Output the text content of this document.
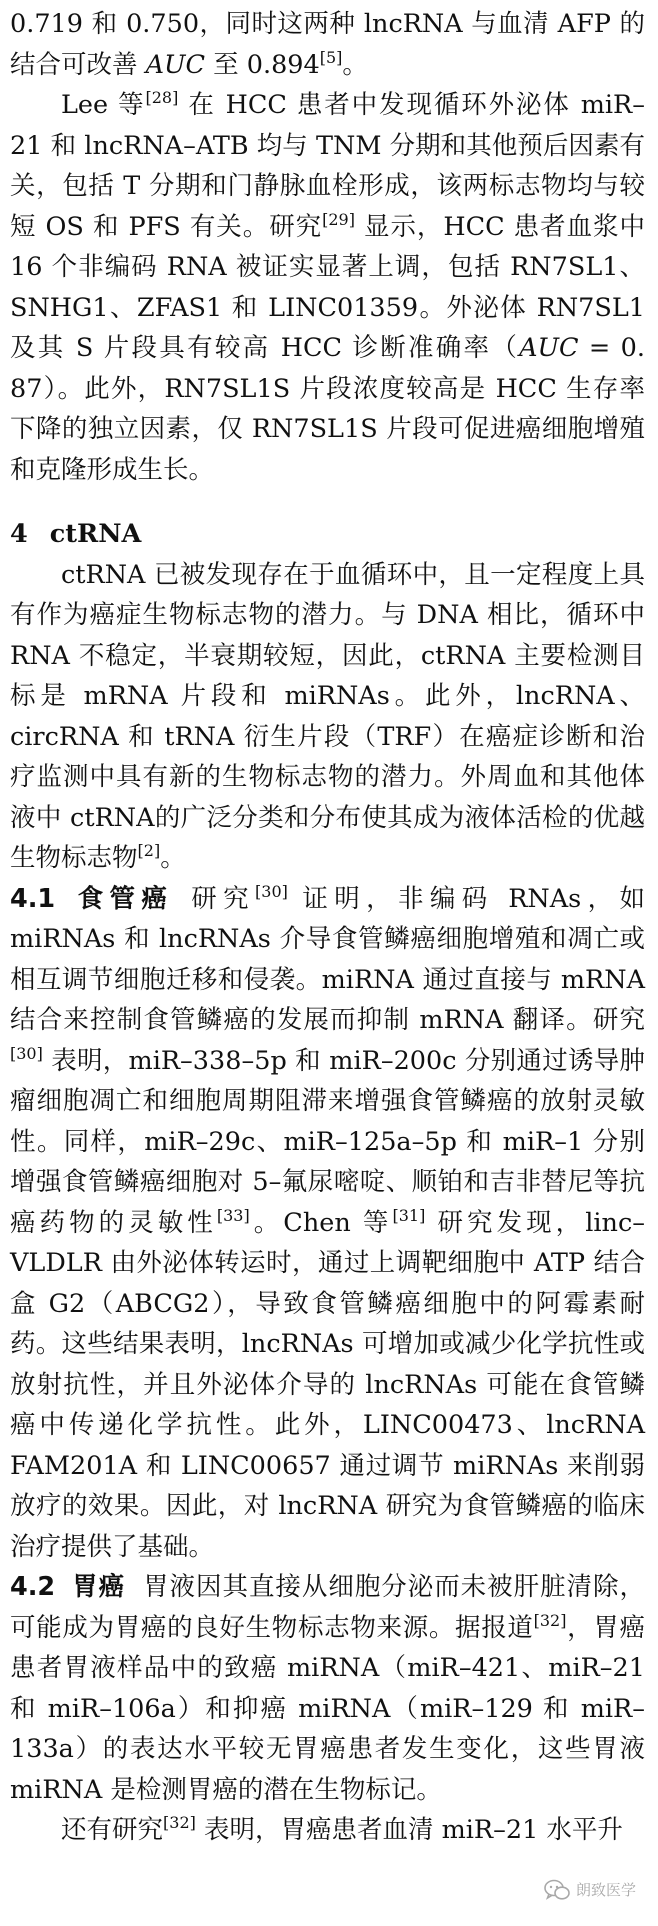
0.719 和 0.750，同时这两种 lncRNA 与血清 AFP 的结合可改善 AUC 至 0.894[5]。

Lee 等[28] 在 HCC 患者中发现循环外泌体 miR–21 和 lncRNA–ATB 均与 TNM 分期和其他预后因素有关，包括 T 分期和门静脉血栓形成，该两标志物均与较短 OS 和 PFS 有关。研究[29] 显示，HCC 患者血浆中 16 个非编码 RNA 被证实显著上调，包括 RN7SL1、SNHG1、ZFAS1 和 LINC01359。外泌体 RN7SL1 及其 S 片段具有较高 HCC 诊断准确率（AUC = 0. 87）。此外，RN7SL1S 片段浓度较高是 HCC 生存率下降的独立因素，仅 RN7SL1S 片段可促进癌细胞增殖和克隆形成生长。

4 ctRNA

ctRNA 已被发现存在于血循环中，且一定程度上具有作为癌症生物标志物的潜力。与 DNA 相比，循环中 RNA 不稳定，半衰期较短，因此，ctRNA 主要检测目标是 mRNA 片段和 miRNAs。此外，lncRNA、circRNA 和 tRNA 衍生片段（TRF）在癌症诊断和治疗监测中具有新的生物标志物的潜力。外周血和其他体液中 ctRNA的广泛分类和分布使其成为液体活检的优越生物标志物[2]。

4.1 食管癌 研究[30] 证明，非编码 RNAs，如 miRNAs 和 lncRNAs 介导食管鳞癌细胞增殖和凋亡或相互调节细胞迁移和侵袭。miRNA 通过直接与 mRNA 结合来控制食管鳞癌的发展而抑制 mRNA 翻译。研究[30] 表明，miR–338–5p 和 miR–200c 分别通过诱导肿瘤细胞凋亡和细胞周期阻滞来增强食管鳞癌的放射灵敏性。同样，miR–29c、miR–125a–5p 和 miR–1 分别增强食管鳞癌细胞对 5–氟尿嘧啶、顺铂和吉非替尼等抗癌药物的灵敏性[33]。Chen 等[31] 研究发现，linc–VLDLR 由外泌体转运时，通过上调靶细胞中 ATP 结合盒 G2（ABCG2），导致食管鳞癌细胞中的阿霉素耐药。这些结果表明，lncRNAs 可增加或减少化学抗性或放射抗性，并且外泌体介导的 lncRNAs 可能在食管鳞癌中传递化学抗性。此外，LINC00473、lncRNA FAM201A 和 LINC00657 通过调节 miRNAs 来削弱放疗的效果。因此，对 lncRNA 研究为食管鳞癌的临床治疗提供了基础。

4.2 胃癌 胃液因其直接从细胞分泌而未被肝脏清除，可能成为胃癌的良好生物标志物来源。据报道[32]，胃癌患者胃液样品中的致癌 miRNA（miR–421、miR–21 和 miR–106a）和抑癌 miRNA（miR–129 和 miR–133a）的表达水平较无胃癌患者发生变化，这些胃液 miRNA 是检测胃癌的潜在生物标记。

还有研究[32] 表明，胃癌患者血清 miR–21 水平升

朗致医学
